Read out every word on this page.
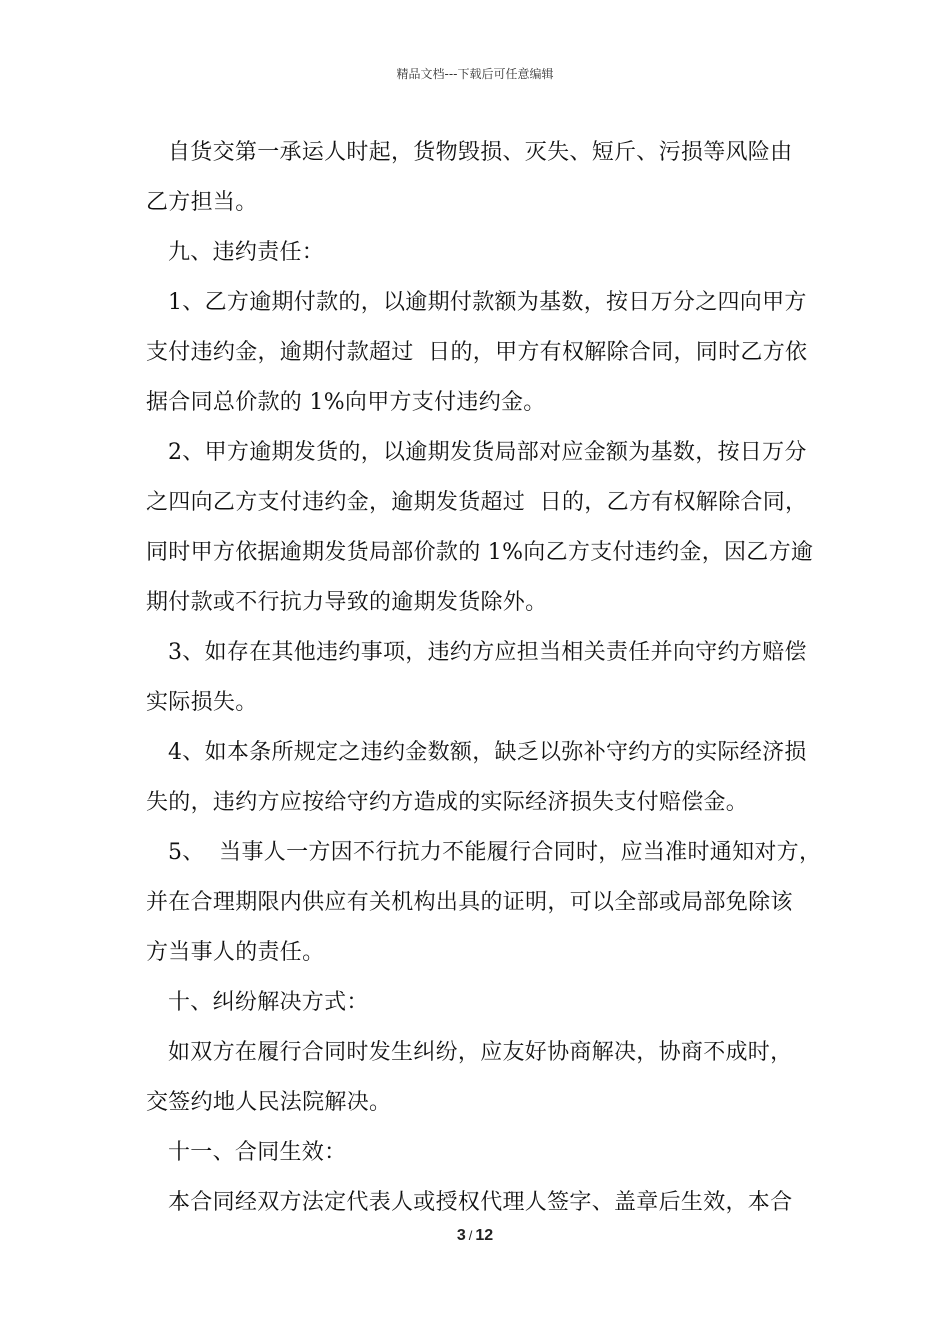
精品文档---下载后可任意编辑

自货交第一承运人时起，货物毁损、灭失、短斤、污损等风险由

乙方担当。

九、违约责任：

1、乙方逾期付款的，以逾期付款额为基数，按日万分之四向甲方

支付违约金，逾期付款超过  日的，甲方有权解除合同，同时乙方依

据合同总价款的 1%向甲方支付违约金。

2、甲方逾期发货的，以逾期发货局部对应金额为基数，按日万分

之四向乙方支付违约金，逾期发货超过  日的，乙方有权解除合同，

同时甲方依据逾期发货局部价款的 1%向乙方支付违约金，因乙方逾

期付款或不行抗力导致的逾期发货除外。

3、如存在其他违约事项，违约方应担当相关责任并向守约方赔偿

实际损失。

4、如本条所规定之违约金数额，缺乏以弥补守约方的实际经济损

失的，违约方应按给守约方造成的实际经济损失支付赔偿金。

5、  当事人一方因不行抗力不能履行合同时，应当准时通知对方，

并在合理期限内供应有关机构出具的证明，可以全部或局部免除该

方当事人的责任。

十、纠纷解决方式：

如双方在履行合同时发生纠纷，应友好协商解决，协商不成时，

交签约地人民法院解决。

十一、合同生效：

本合同经双方法定代表人或授权代理人签字、盖章后生效，本合

3 / 12
